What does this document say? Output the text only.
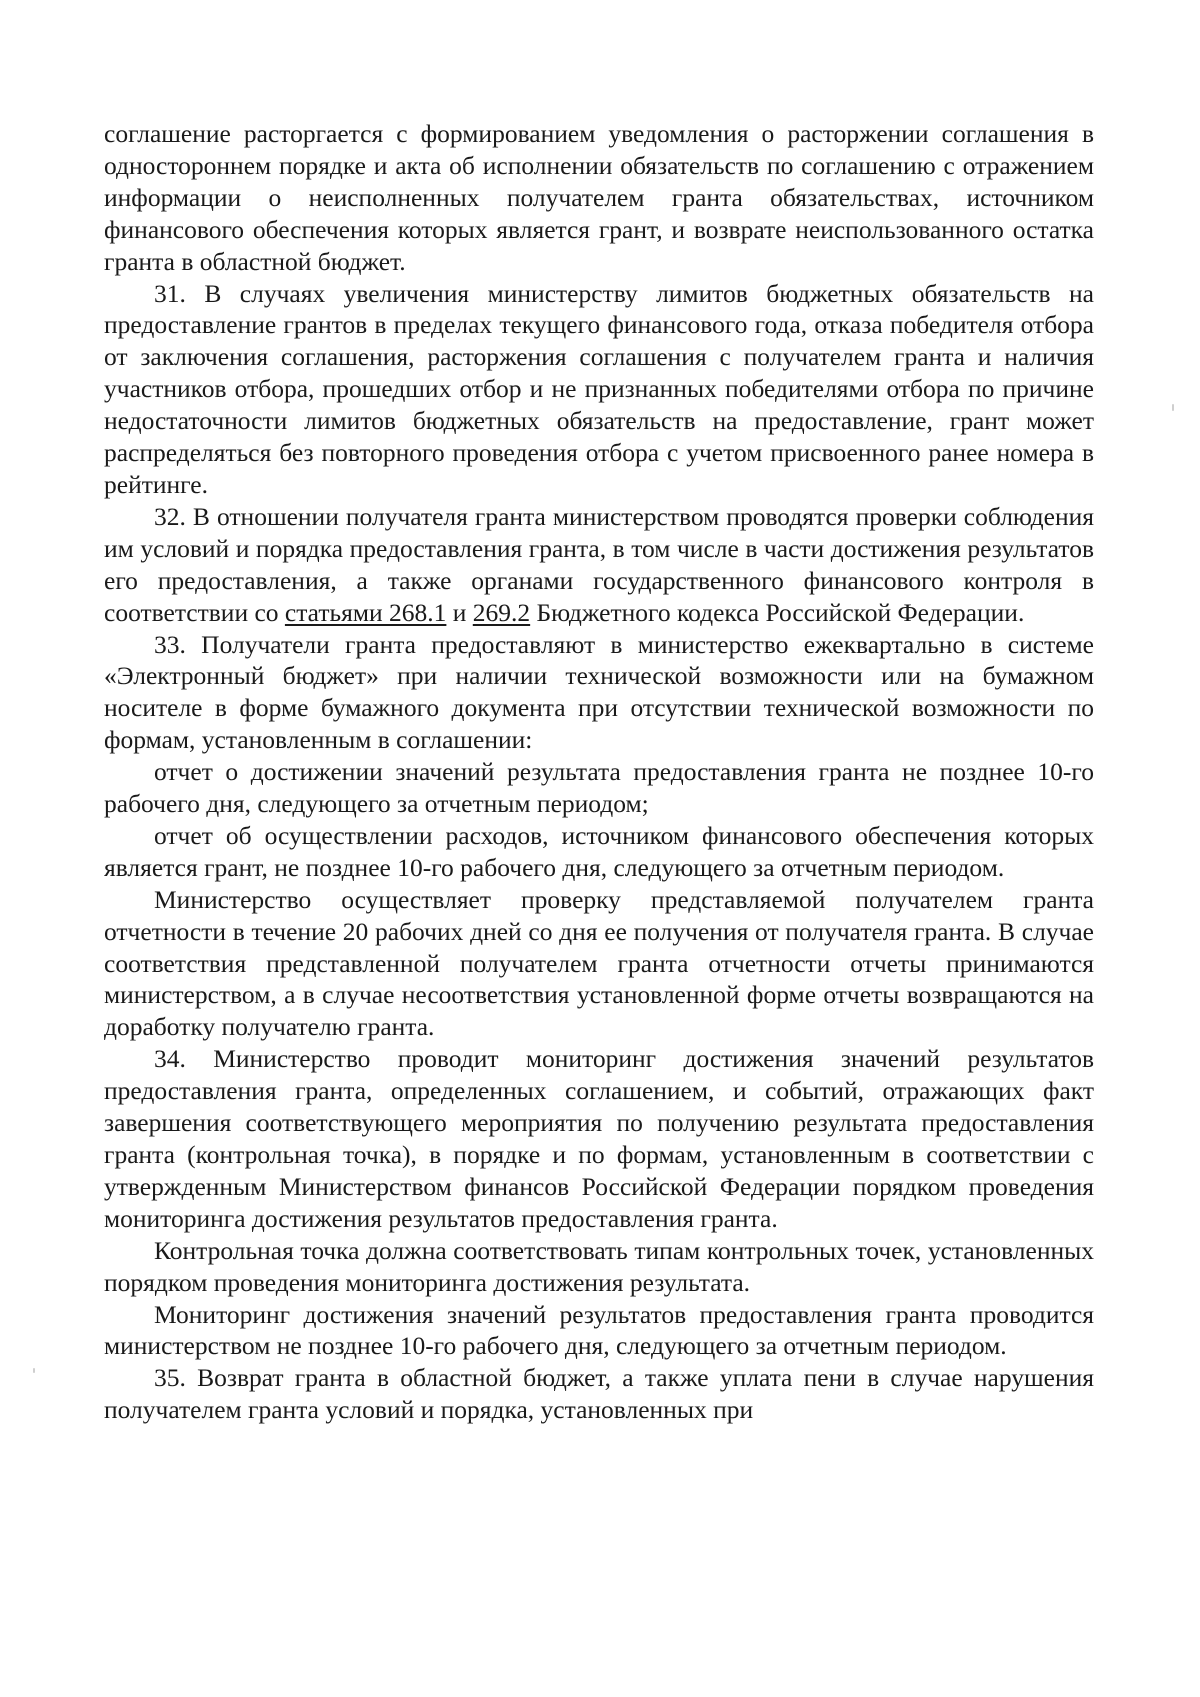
соглашение расторгается с формированием уведомления о расторжении соглашения в одностороннем порядке и акта об исполнении обязательств по соглашению с отражением информации о неисполненных получателем гранта обязательствах, источником финансового обеспечения которых является грант, и возврате неиспользованного остатка гранта в областной бюджет.

31. В случаях увеличения министерству лимитов бюджетных обязательств на предоставление грантов в пределах текущего финансового года, отказа победителя отбора от заключения соглашения, расторжения соглашения с получателем гранта и наличия участников отбора, прошедших отбор и не признанных победителями отбора по причине недостаточности лимитов бюджетных обязательств на предоставление, грант может распределяться без повторного проведения отбора с учетом присвоенного ранее номера в рейтинге.

32. В отношении получателя гранта министерством проводятся проверки соблюдения им условий и порядка предоставления гранта, в том числе в части достижения результатов его предоставления, а также органами государственного финансового контроля в соответствии со статьями 268.1 и 269.2 Бюджетного кодекса Российской Федерации.

33. Получатели гранта предоставляют в министерство ежеквартально в системе «Электронный бюджет» при наличии технической возможности или на бумажном носителе в форме бумажного документа при отсутствии технической возможности по формам, установленным в соглашении:

отчет о достижении значений результата предоставления гранта не позднее 10-го рабочего дня, следующего за отчетным периодом;

отчет об осуществлении расходов, источником финансового обеспечения которых является грант, не позднее 10-го рабочего дня, следующего за отчетным периодом.

Министерство осуществляет проверку представляемой получателем гранта отчетности в течение 20 рабочих дней со дня ее получения от получателя гранта. В случае соответствия представленной получателем гранта отчетности отчеты принимаются министерством, а в случае несоответствия установленной форме отчеты возвращаются на доработку получателю гранта.

34. Министерство проводит мониторинг достижения значений результатов предоставления гранта, определенных соглашением, и событий, отражающих факт завершения соответствующего мероприятия по получению результата предоставления гранта (контрольная точка), в порядке и по формам, установленным в соответствии с утвержденным Министерством финансов Российской Федерации порядком проведения мониторинга достижения результатов предоставления гранта.

Контрольная точка должна соответствовать типам контрольных точек, установленных порядком проведения мониторинга достижения результата.

Мониторинг достижения значений результатов предоставления гранта проводится министерством не позднее 10-го рабочего дня, следующего за отчетным периодом.

35. Возврат гранта в областной бюджет, а также уплата пени в случае нарушения получателем гранта условий и порядка, установленных при
